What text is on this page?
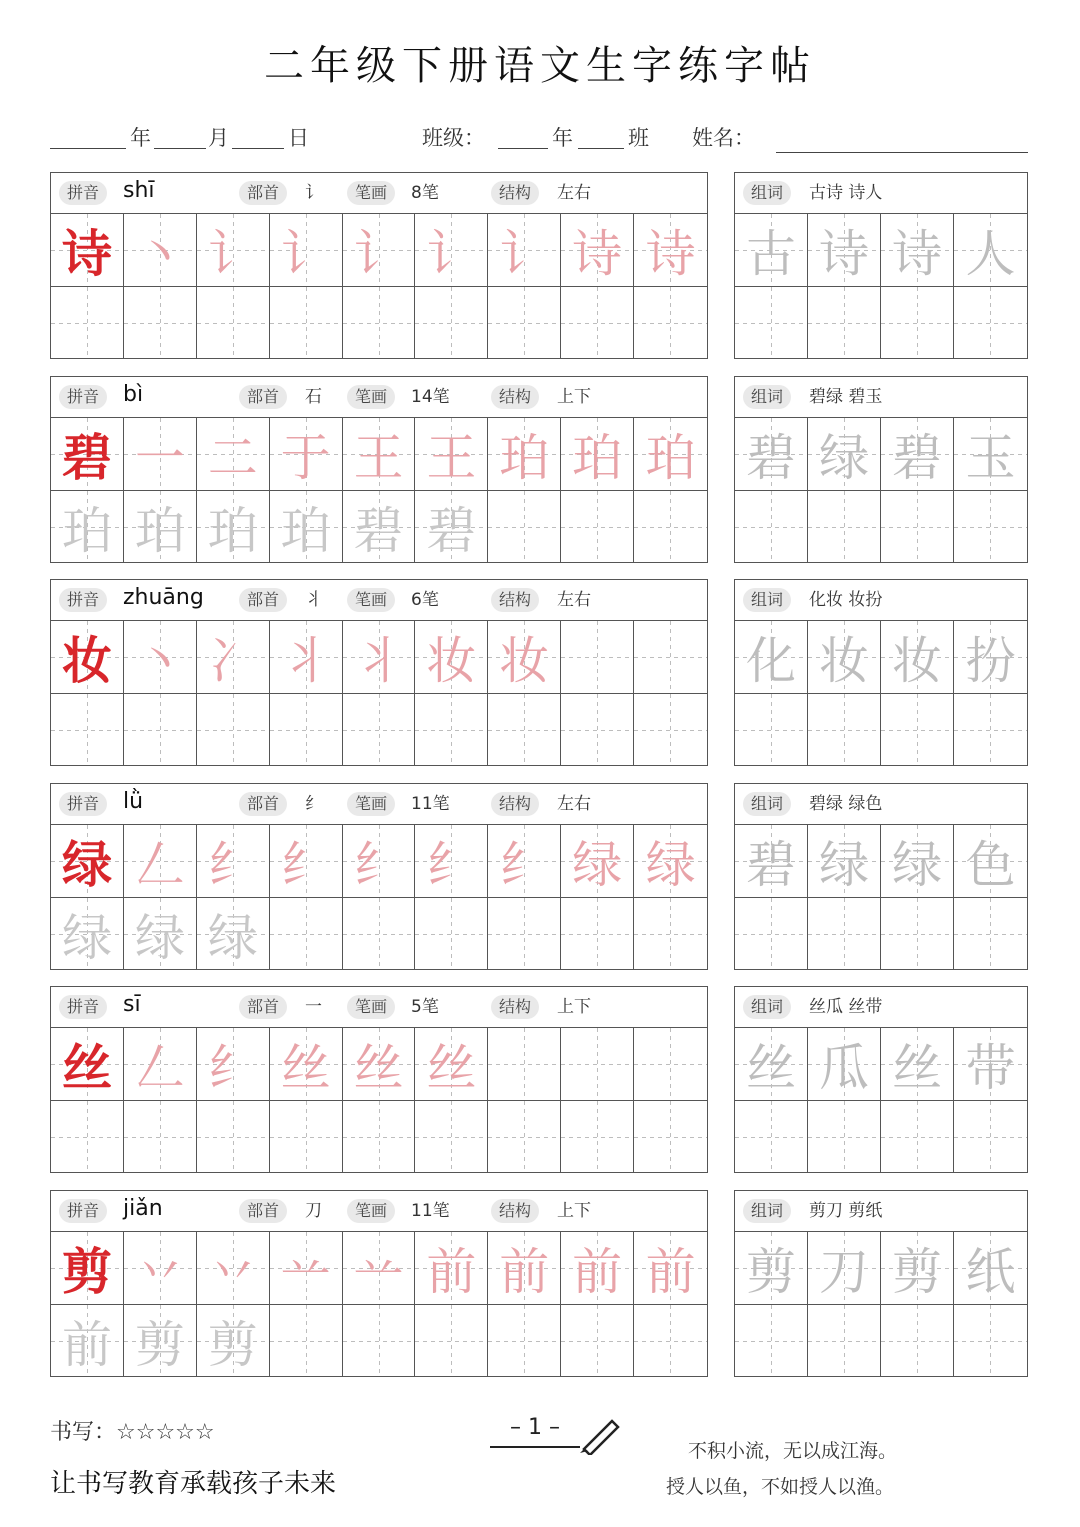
二年级下册语文生字练字帖
年	月	日	班级：	年	班 姓名：
拼音	shī	部首	讠	笔画	8笔	结构	左右
诗 丶 讠 讠 讠 讠 讠 诗 诗
组词	古诗 诗人
古 诗 诗 人
拼音	bì	部首	石	笔画	14笔	结构	上下
碧 一 二 于 王 王 珀 珀 珀
珀 珀 珀 珀 碧 碧
组词	碧绿 碧玉
碧 绿 碧 玉
拼音	zhuāng	部首	丬	笔画	6笔	结构	左右
妆 丶 冫 丬 丬 妆 妆
组词	化妆 妆扮
化 妆 妆 扮
拼音	lǜ	部首	纟	笔画	11笔	结构	左右
绿 𠃋 纟 纟 纟 纟 纟 绿 绿
绿 绿 绿
组词	碧绿 绿色
碧 绿 绿 色
拼音	sī	部首	一	笔画	5笔	结构	上下
丝 𠃋 纟 丝 丝 丝
组词	丝瓜 丝带
丝 瓜 丝 带
拼音	jiǎn	部首	刀	笔画	11笔	结构	上下
剪 丷 丷 䒑 䒑 前 前 前 前
前 剪 剪
组词	剪刀 剪纸
剪 刀 剪 纸
书写：☆☆☆☆☆
让书写教育承载孩子未来
– 1 –
不积小流，无以成江海。
授人以鱼，不如授人以渔。
